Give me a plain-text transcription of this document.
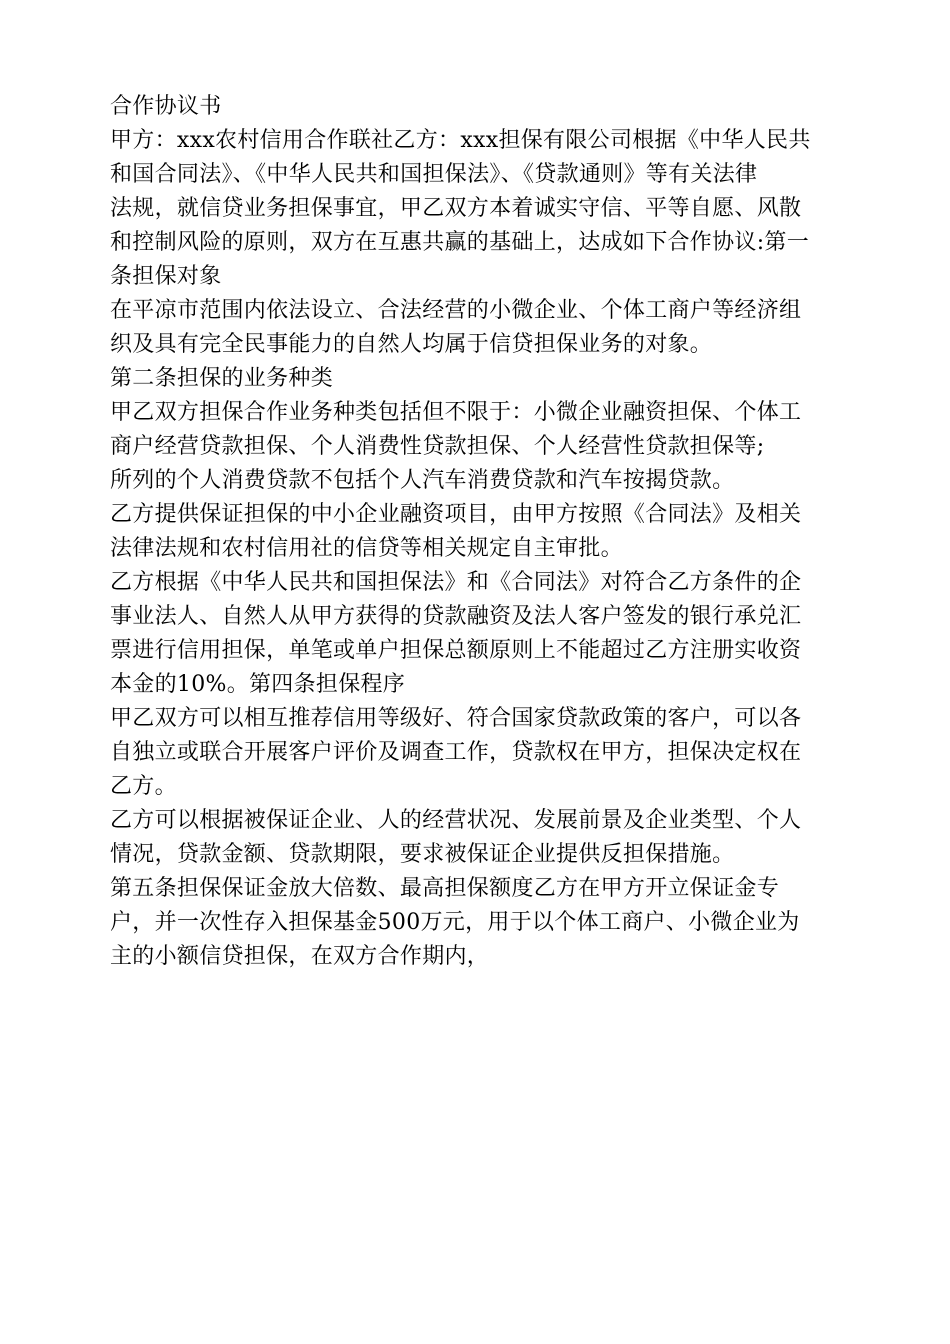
合作协议书
甲方：xxx农村信用合作联社乙方：xxx担保有限公司根据《中华人民共
和国合同法》、《中华人民共和国担保法》、《贷款通则》等有关法律
法规，就信贷业务担保事宜，甲乙双方本着诚实守信、平等自愿、风散
和控制风险的原则，双方在互惠共赢的基础上，达成如下合作协议:第一
条担保对象
在平凉市范围内依法设立、合法经营的小微企业、个体工商户等经济组
织及具有完全民事能力的自然人均属于信贷担保业务的对象。
第二条担保的业务种类
甲乙双方担保合作业务种类包括但不限于：小微企业融资担保、个体工
商户经营贷款担保、个人消费性贷款担保、个人经营性贷款担保等;
所列的个人消费贷款不包括个人汽车消费贷款和汽车按揭贷款。
乙方提供保证担保的中小企业融资项目，由甲方按照《合同法》及相关
法律法规和农村信用社的信贷等相关规定自主审批。
乙方根据《中华人民共和国担保法》和《合同法》对符合乙方条件的企
事业法人、自然人从甲方获得的贷款融资及法人客户签发的银行承兑汇
票进行信用担保，单笔或单户担保总额原则上不能超过乙方注册实收资
本金的10%。第四条担保程序
甲乙双方可以相互推荐信用等级好、符合国家贷款政策的客户，可以各
自独立或联合开展客户评价及调查工作，贷款权在甲方，担保决定权在
乙方。
乙方可以根据被保证企业、人的经营状况、发展前景及企业类型、个人
情况，贷款金额、贷款期限，要求被保证企业提供反担保措施。
第五条担保保证金放大倍数、最高担保额度乙方在甲方开立保证金专
户，并一次性存入担保基金500万元，用于以个体工商户、小微企业为
主的小额信贷担保，在双方合作期内，
